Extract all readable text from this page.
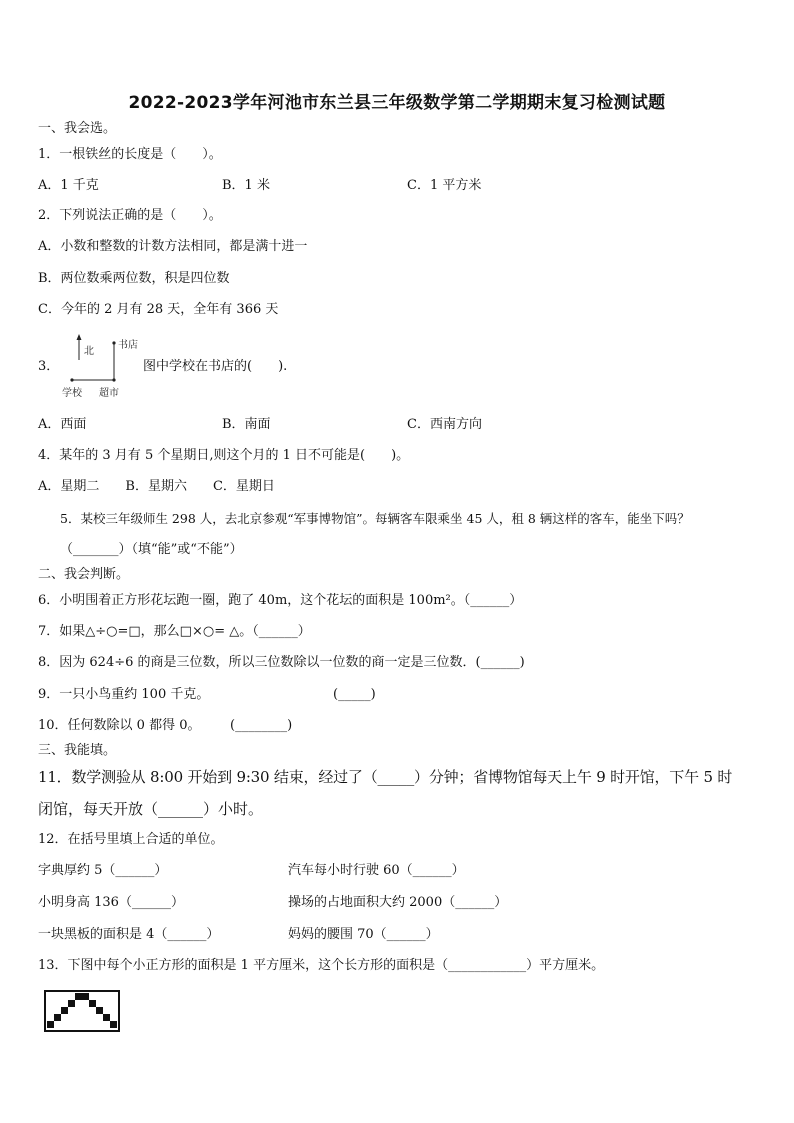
2022-2023学年河池市东兰县三年级数学第二学期期末复习检测试题
一、我会选。
1．一根铁丝的长度是（　　）。
A．1 千克	B．1 米	C．1 平方米
2．下列说法正确的是（　　）。
A．小数和整数的计数方法相同，都是满十进一
B．两位数乘两位数，积是四位数
C．今年的 2 月有 28 天，全年有 366 天
3．
北
书店
学校 超市
图中学校在书店的(　　).
A．西面	B．南面	C．西南方向
4．某年的 3 月有 5 个星期日,则这个月的 1 日不可能是(　　)。
A．星期二　　B．星期六　　C．星期日
5．某校三年级师生 298 人，去北京参观“军事博物馆”。每辆客车限乘坐 45 人，租 8 辆这样的客车，能坐下吗？
（_______）（填“能”或“不能”）
二、我会判断。
6．小明围着正方形花坛跑一圈，跑了 40m，这个花坛的面积是 100m²。（______）
7．如果△÷○=□，那么□×○= △。（______）
8．因为 624÷6 的商是三位数，所以三位数除以一位数的商一定是三位数．(______)
9．一只小鸟重约 100 千克。	(_____)
10．任何数除以 0 都得 0。 (________)
三、我能填。
11．数学测验从 8:00 开始到 9:30 结束，经过了（_____）分钟；省博物馆每天上午 9 时开馆，下午 5 时
闭馆，每天开放（______）小时。
12．在括号里填上合适的单位。
字典厚约 5（______）	汽车每小时行驶 60（______）
小明身高 136（______）	操场的占地面积大约 2000（______）
一块黑板的面积是 4（______）	妈妈的腰围 70（______）
13．下图中每个小正方形的面积是 1 平方厘米，这个长方形的面积是（____________）平方厘米。
